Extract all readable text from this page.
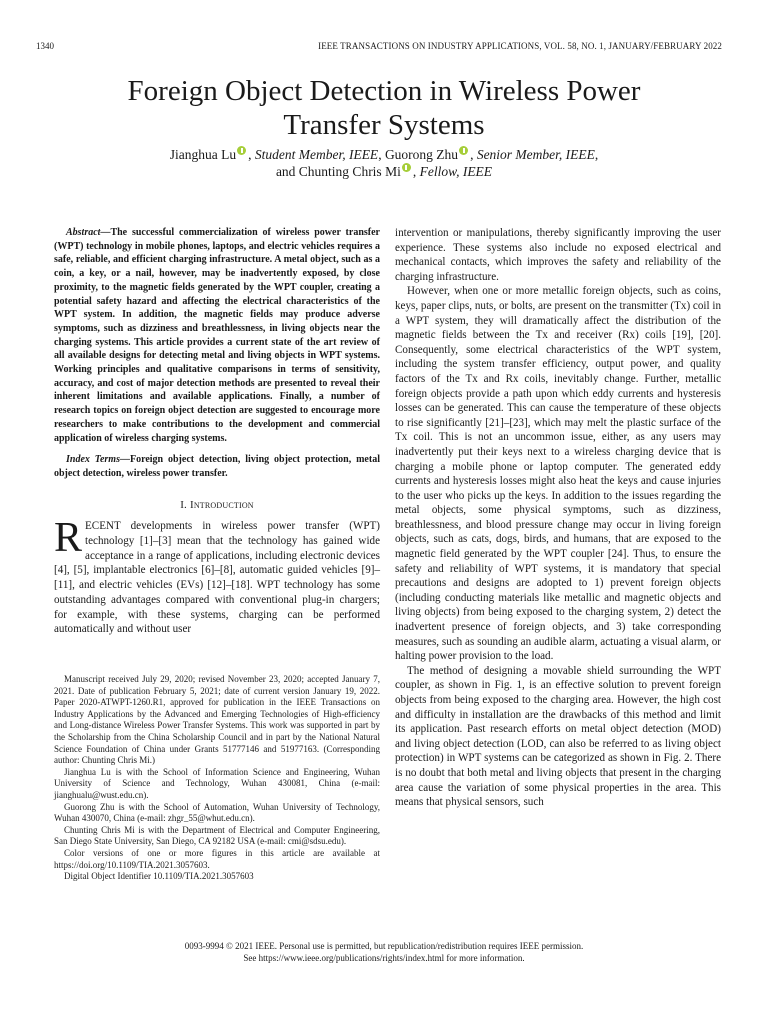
1340	IEEE TRANSACTIONS ON INDUSTRY APPLICATIONS, VOL. 58, NO. 1, JANUARY/FEBRUARY 2022
Foreign Object Detection in Wireless Power
Transfer Systems
Jianghua Lu , Student Member, IEEE, Guorong Zhu , Senior Member, IEEE,
and Chunting Chris Mi , Fellow, IEEE

Abstract—The successful commercialization of wireless power transfer (WPT) technology in mobile phones, laptops, and electric vehicles requires a safe, reliable, and efficient charging infrastructure. A metal object, such as a coin, a key, or a nail, however, may be inadvertently exposed, by close proximity, to the magnetic fields generated by the WPT coupler, creating a potential safety hazard and affecting the electrical characteristics of the WPT system. In addition, the magnetic fields may produce adverse symptoms, such as dizziness and breathlessness, in living objects near the charging systems. This article provides a current state of the art review of all available designs for detecting metal and living objects in WPT systems. Working principles and qualitative comparisons in terms of sensitivity, accuracy, and cost of major detection methods are presented to reveal their inherent limitations and available applications. Finally, a number of research topics on foreign object detection are suggested to encourage more researchers to make contributions to the development and commercial application of wireless charging systems.

Index Terms—Foreign object detection, living object protection, metal object detection, wireless power transfer.

I. Introduction

RECENT developments in wireless power transfer (WPT) technology [1]–[3] mean that the technology has gained wide acceptance in a range of applications, including electronic devices [4], [5], implantable electronics [6]–[8], automatic guided vehicles [9]–[11], and electric vehicles (EVs) [12]–[18]. WPT technology has some outstanding advantages compared with conventional plug-in chargers; for example, with these systems, charging can be performed automatically and without user

Manuscript received July 29, 2020; revised November 23, 2020; accepted January 7, 2021. Date of publication February 5, 2021; date of current version January 19, 2022. Paper 2020-ATWPT-1260.R1, approved for publication in the IEEE Transactions on Industry Applications by the Advanced and Emerging Technologies of High-efficiency and Long-distance Wireless Power Transfer Systems. This work was supported in part by the Scholarship from the China Scholarship Council and in part by the National Natural Science Foundation of China under Grants 51777146 and 51977163. (Corresponding author: Chunting Chris Mi.)

Jianghua Lu is with the School of Information Science and Engineering, Wuhan University of Science and Technology, Wuhan 430081, China (e-mail: jianghualu@wust.edu.cn).

Guorong Zhu is with the School of Automation, Wuhan University of Technology, Wuhan 430070, China (e-mail: zhgr_55@whut.edu.cn).

Chunting Chris Mi is with the Department of Electrical and Computer Engineering, San Diego State University, San Diego, CA 92182 USA (e-mail: cmi@sdsu.edu).

Color versions of one or more figures in this article are available at https://doi.org/10.1109/TIA.2021.3057603.

Digital Object Identifier 10.1109/TIA.2021.3057603

intervention or manipulations, thereby significantly improving the user experience. These systems also include no exposed electrical and mechanical contacts, which improves the safety and reliability of the charging infrastructure.

However, when one or more metallic foreign objects, such as coins, keys, paper clips, nuts, or bolts, are present on the transmitter (Tx) coil in a WPT system, they will dramatically affect the distribution of the magnetic fields between the Tx and receiver (Rx) coils [19], [20]. Consequently, some electrical characteristics of the WPT system, including the system transfer efficiency, output power, and quality factors of the Tx and Rx coils, inevitably change. Further, metallic foreign objects provide a path upon which eddy currents and hysteresis losses can be generated. This can cause the temperature of these objects to rise significantly [21]–[23], which may melt the plastic surface of the Tx coil. This is not an uncommon issue, either, as any users may inadvertently put their keys next to a wireless charging device that is charging a mobile phone or laptop computer. The generated eddy currents and hysteresis losses might also heat the keys and cause injuries to the user who picks up the keys. In addition to the issues regarding the metal objects, some physical symptoms, such as dizziness, breathlessness, and blood pressure change may occur in living foreign objects, such as cats, dogs, birds, and humans, that are exposed to the magnetic field generated by the WPT coupler [24]. Thus, to ensure the safety and reliability of WPT systems, it is mandatory that special precautions and designs are adopted to 1) prevent foreign objects (including conducting materials like metallic and magnetic objects and living objects) from being exposed to the charging system, 2) detect the inadvertent presence of foreign objects, and 3) take corresponding measures, such as sounding an audible alarm, actuating a visual alarm, or halting power provision to the load.

The method of designing a movable shield surrounding the WPT coupler, as shown in Fig. 1, is an effective solution to prevent foreign objects from being exposed to the charging area. However, the high cost and difficulty in installation are the drawbacks of this method and limit its application. Past research efforts on metal object detection (MOD) and living object detection (LOD, can also be referred to as living object protection) in WPT systems can be categorized as shown in Fig. 2. There is no doubt that both metal and living objects that present in the charging area cause the variation of some physical properties in the area. This means that physical sensors, such

0093-9994 © 2021 IEEE. Personal use is permitted, but republication/redistribution requires IEEE permission.
See https://www.ieee.org/publications/rights/index.html for more information.
